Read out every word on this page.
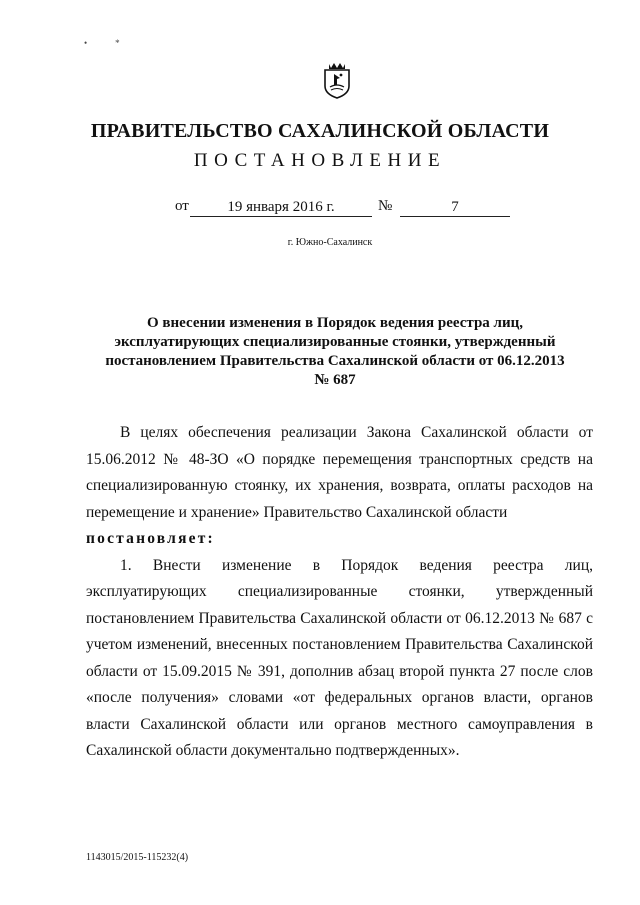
•*
ПРАВИТЕЛЬСТВО САХАЛИНСКОЙ ОБЛАСТИ
ПОСТАНОВЛЕНИЕ
от	19 января 2016 г.	№	7
г. Южно-Сахалинск
О внесении изменения в Порядок ведения реестра лиц, эксплуатирующих специализированные стоянки, утвержденный постановлением Правительства Сахалинской области от 06.12.2013 № 687

В целях обеспечения реализации Закона Сахалинской области от 15.06.2012 № 48-ЗО «О порядке перемещения транспортных средств на специализированную стоянку, их хранения, возврата, оплаты расходов на перемещение и хранение» Правительство Сахалинской области

постановляет:

1. Внести изменение в Порядок ведения реестра лиц, эксплуатирующих специализированные стоянки, утвержденный постановлением Правительства Сахалинской области от 06.12.2013 № 687 с учетом изменений, внесенных постановлением Правительства Сахалинской области от 15.09.2015 № 391, дополнив абзац второй пункта 27 после слов «после получения» словами «от федеральных органов власти, органов власти Сахалинской области или органов местного самоуправления в Сахалинской области документально подтвержденных».

1143015/2015-115232(4)
